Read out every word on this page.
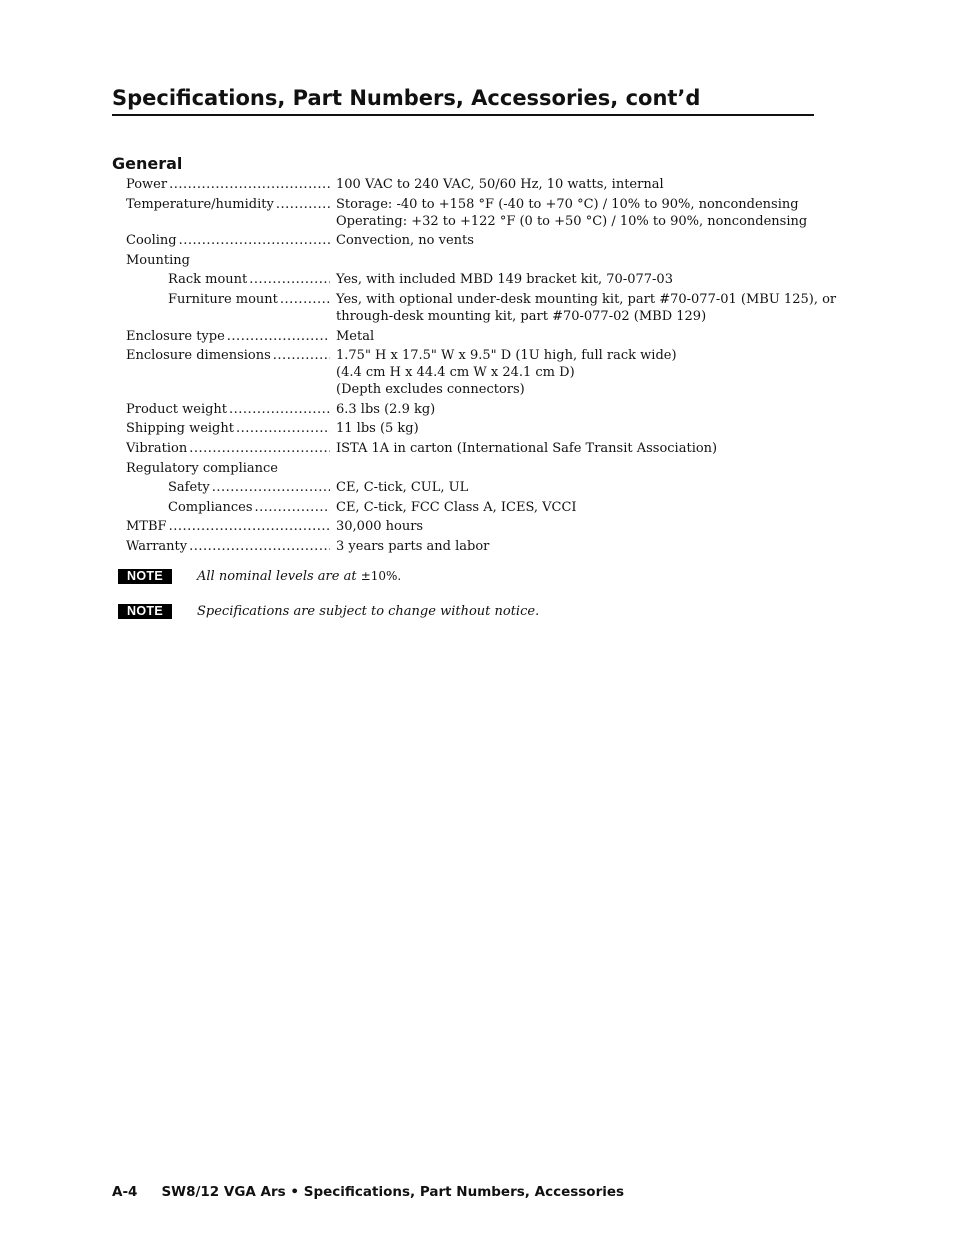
Specifications, Part Numbers, Accessories, cont’d
General
Power .....	100 VAC to 240 VAC, 50/60 Hz, 10 watts, internal
Temperature/humidity .....	Storage: -40 to +158 °F (-40 to +70 °C) / 10% to 90%, noncondensing
Operating: +32 to +122 °F (0 to +50 °C) / 10% to 90%, noncondensing
Cooling .....	Convection, no vents
Mounting
Rack mount .....	Yes, with included MBD 149 bracket kit, 70-077-03
Furniture mount .....	Yes, with optional under-desk mounting kit, part #70-077-01 (MBU 125), or
through-desk mounting kit, part #70-077-02 (MBD 129)
Enclosure type .....	Metal
Enclosure dimensions .....	1.75" H x 17.5" W x 9.5" D (1U high, full rack wide)
(4.4 cm H x 44.4 cm W x 24.1 cm D)
(Depth excludes connectors)
Product weight .....	6.3 lbs (2.9 kg)
Shipping weight .....	11 lbs (5 kg)
Vibration .....	ISTA 1A in carton (International Safe Transit Association)
Regulatory compliance
Safety .....	CE, C-tick, CUL, UL
Compliances .....	CE, C-tick, FCC Class A, ICES, VCCI
MTBF .....	30,000 hours
Warranty .....	3 years parts and labor
NOTE	All nominal levels are at ±10%.
NOTE	Specifications are subject to change without notice.
A-4 SW8/12 VGA Ars • Specifications, Part Numbers, Accessories
